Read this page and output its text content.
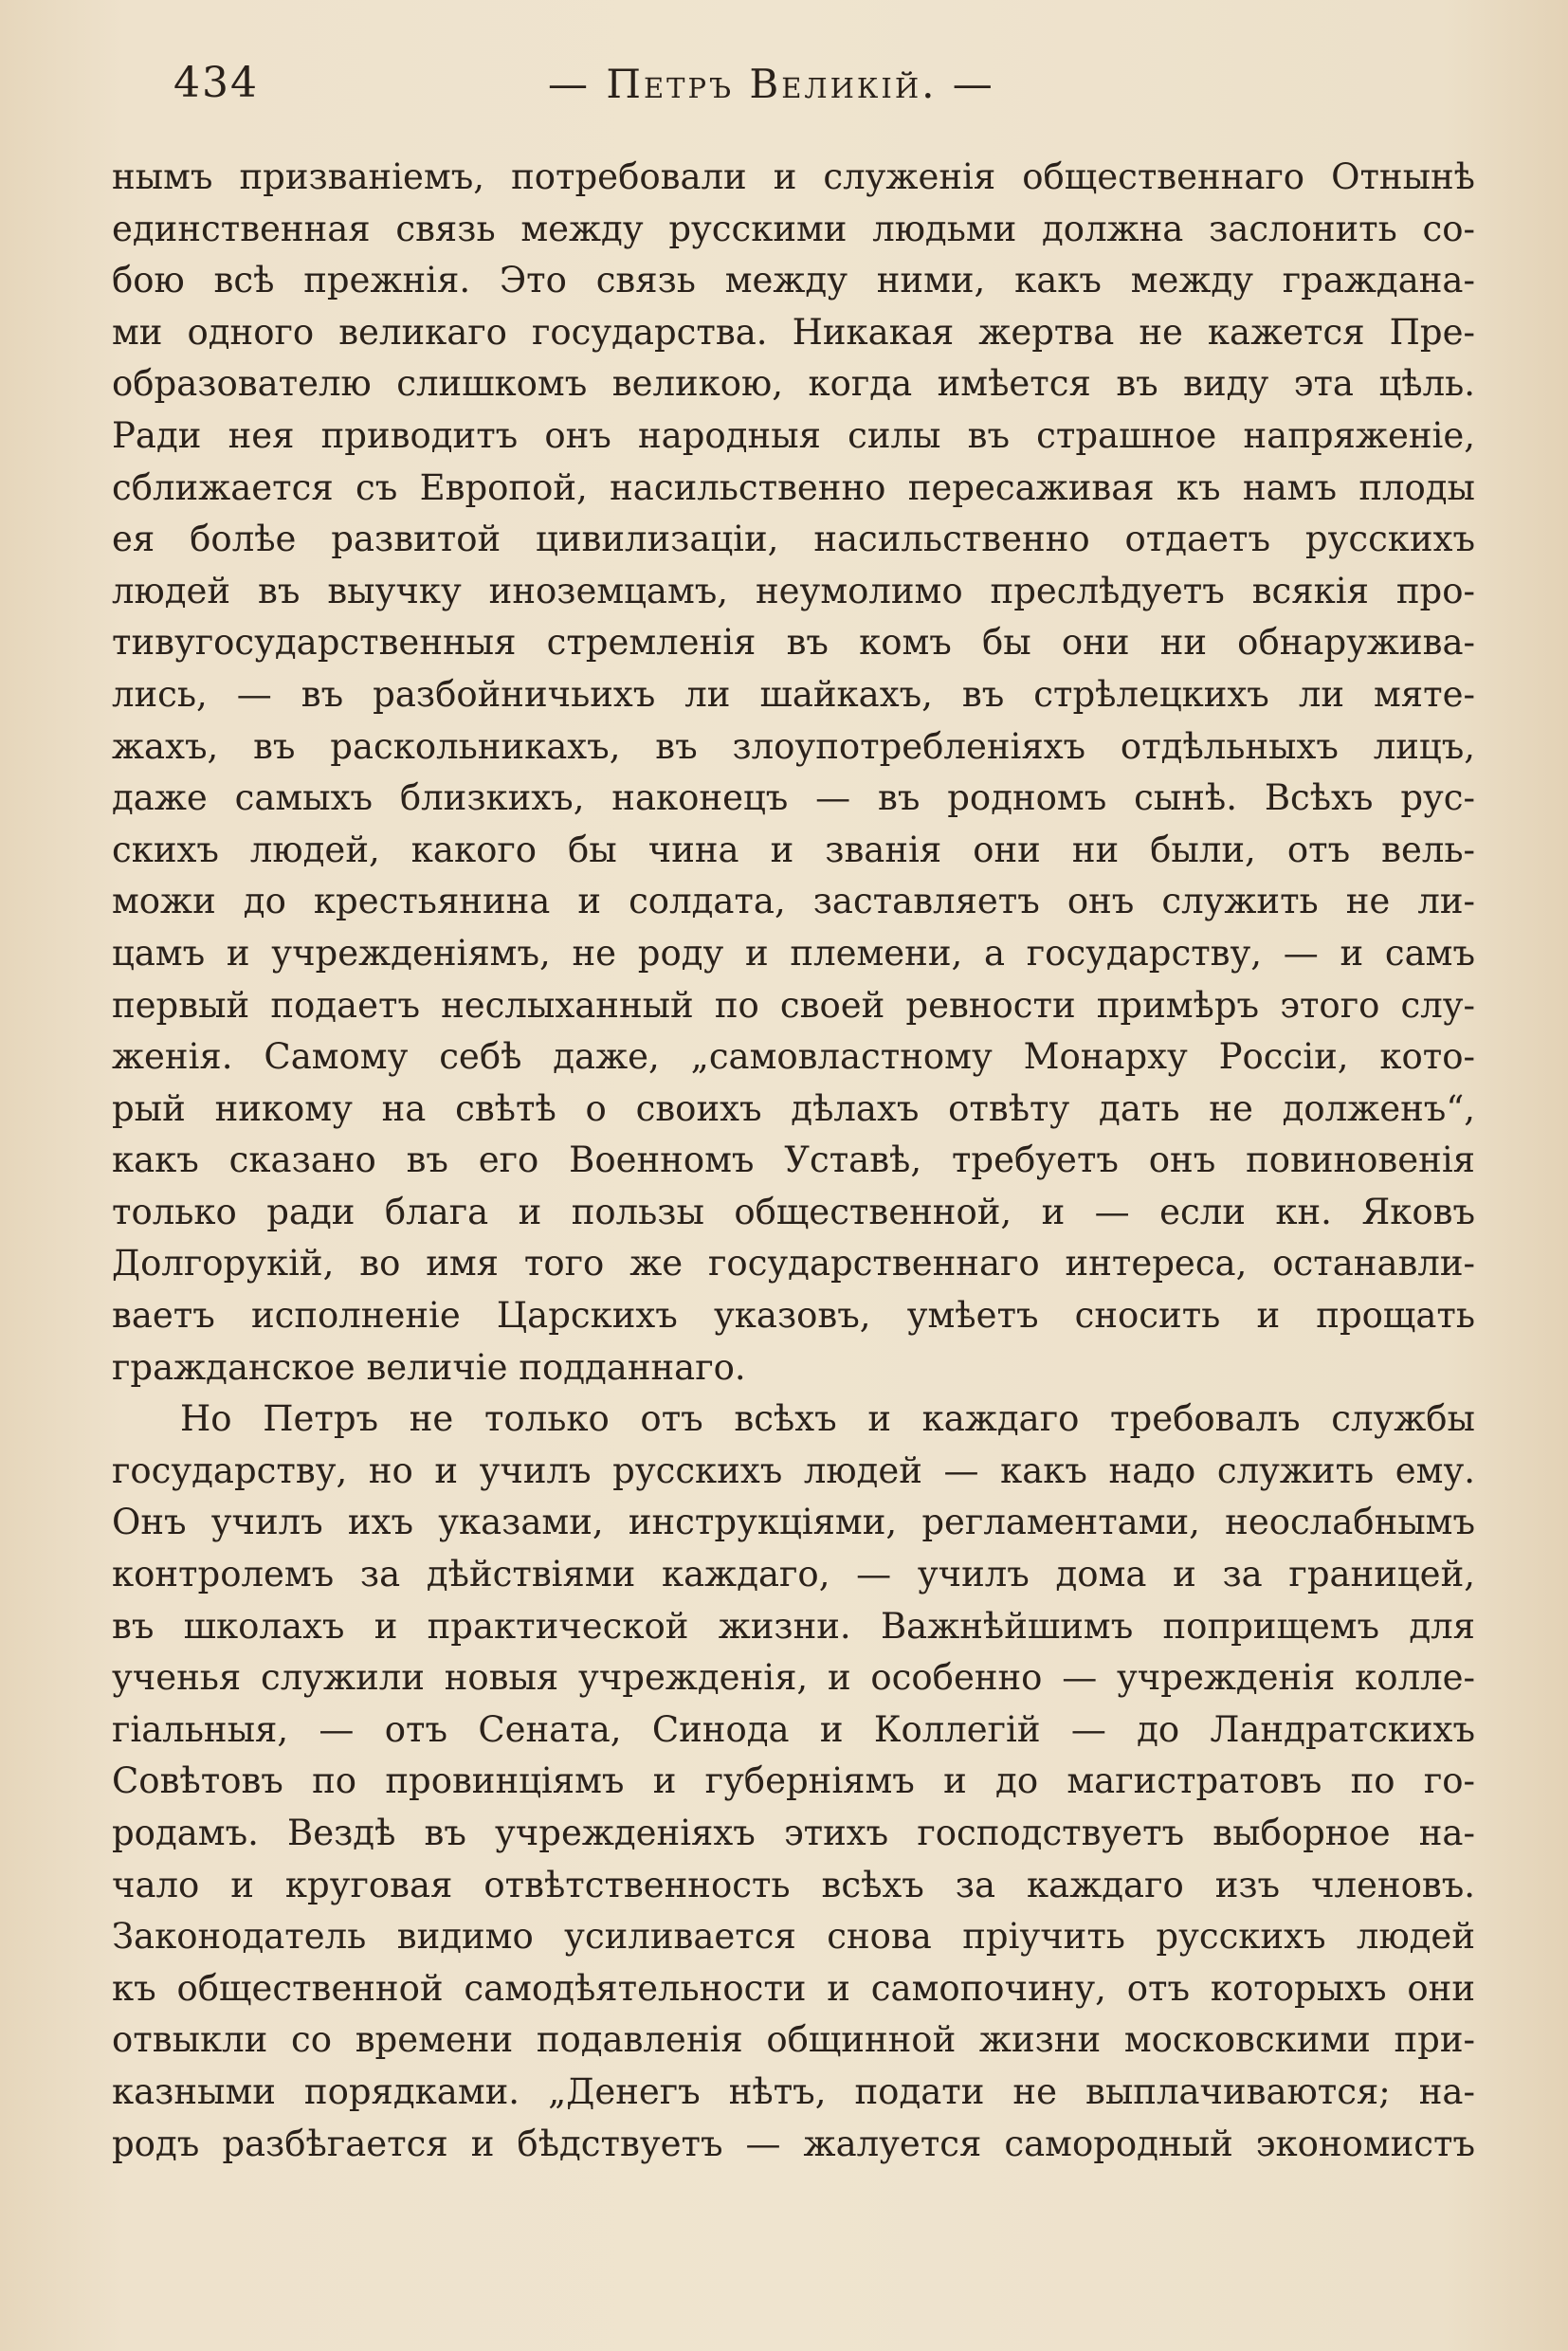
434	— Петръ Великій. —
нымъ призваніемъ, потребовали и служенія общественнаго Отнынѣ
единственная связь между русскими людьми должна заслонить со-
бою всѣ прежнія. Это связь между ними, какъ между граждана-
ми одного великаго государства. Никакая жертва не кажется Пре-
образователю слишкомъ великою, когда имѣется въ виду эта цѣль.
Ради нея приводитъ онъ народныя силы въ страшное напряженіе,
сближается съ Европой, насильственно пересаживая къ намъ плоды
ея болѣе развитой цивилизаціи, насильственно отдаетъ русскихъ
людей въ выучку иноземцамъ, неумолимо преслѣдуетъ всякія про-
тивугосударственныя стремленія въ комъ бы они ни обнаружива-
лись, — въ разбойничьихъ ли шайкахъ, въ стрѣлецкихъ ли мяте-
жахъ, въ раскольникахъ, въ злоупотребленіяхъ отдѣльныхъ лицъ,
даже самыхъ близкихъ, наконецъ — въ родномъ сынѣ. Всѣхъ рус-
скихъ людей, какого бы чина и званія они ни были, отъ вель-
можи до крестьянина и солдата, заставляетъ онъ служить не ли-
цамъ и учрежденіямъ, не роду и племени, а государству, — и самъ
первый подаетъ неслыханный по своей ревности примѣръ этого слу-
женія. Самому себѣ даже, „самовластному Монарху Россіи, кото-
рый никому на свѣтѣ о своихъ дѣлахъ отвѣту дать не долженъ“,
какъ сказано въ его Военномъ Уставѣ, требуетъ онъ повиновенія
только ради блага и пользы общественной, и — если кн. Яковъ
Долгорукій, во имя того же государственнаго интереса, останавли-
ваетъ исполненіе Царскихъ указовъ, умѣетъ сносить и прощать
гражданское величіе подданнаго.
Но Петръ не только отъ всѣхъ и каждаго требовалъ службы
государству, но и училъ русскихъ людей — какъ надо служить ему.
Онъ училъ ихъ указами, инструкціями, регламентами, неослабнымъ
контролемъ за дѣйствіями каждаго, — училъ дома и за границей,
въ школахъ и практической жизни. Важнѣйшимъ поприщемъ для
ученья служили новыя учрежденія, и особенно — учрежденія колле-
гіальныя, — отъ Сената, Синода и Коллегій — до Ландратскихъ
Совѣтовъ по провинціямъ и губерніямъ и до магистратовъ по го-
родамъ. Вездѣ въ учрежденіяхъ этихъ господствуетъ выборное на-
чало и круговая отвѣтственность всѣхъ за каждаго изъ членовъ.
Законодатель видимо усиливается снова пріучить русскихъ людей
къ общественной самодѣятельности и самопочину, отъ которыхъ они
отвыкли со времени подавленія общинной жизни московскими при-
казными порядками. „Денегъ нѣтъ, подати не выплачиваются; на-
родъ разбѣгается и бѣдствуетъ — жалуется самородный экономистъ
